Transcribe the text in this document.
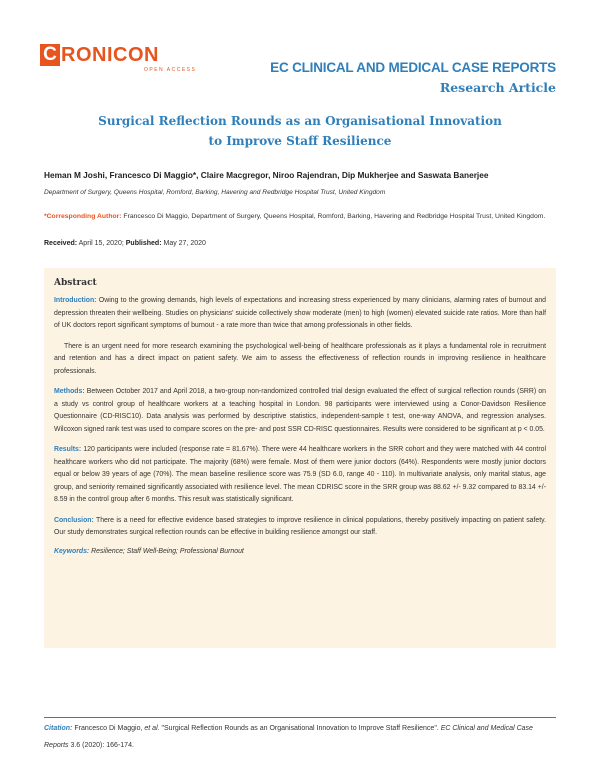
C RONICON
OPEN ACCESS	EC CLINICAL AND MEDICAL CASE REPORTS
Research Article
Surgical Reflection Rounds as an Organisational Innovation
to Improve Staff Resilience
Heman M Joshi, Francesco Di Maggio*, Claire Macgregor, Niroo Rajendran, Dip Mukherjee and Saswata Banerjee
Department of Surgery, Queens Hospital, Romford, Barking, Havering and Redbridge Hospital Trust, United Kingdom
*Corresponding Author: Francesco Di Maggio, Department of Surgery, Queens Hospital, Romford, Barking, Havering and Redbridge Hospital Trust, United Kingdom.
Received: April 15, 2020; Published: May 27, 2020
Abstract

Introduction: Owing to the growing demands, high levels of expectations and increasing stress experienced by many clinicians, alarming rates of burnout and depression threaten their wellbeing. Studies on physicians' suicide collectively show moderate (men) to high (women) elevated suicide rate ratios. More than half of UK doctors report significant symptoms of burnout - a rate more than twice that among professionals in other fields.

There is an urgent need for more research examining the psychological well-being of healthcare professionals as it plays a fundamental role in recruitment and retention and has a direct impact on patient safety. We aim to assess the effectiveness of reflection rounds in improving resilience in healthcare professionals.

Methods: Between October 2017 and April 2018, a two-group non-randomized controlled trial design evaluated the effect of surgical reflection rounds (SRR) on a study vs control group of healthcare workers at a teaching hospital in London. 98 participants were interviewed using a Conor-Davidson Resilience Questionnaire (CD-RISC10). Data analysis was performed by descriptive statistics, independent-sample t test, one-way ANOVA, and regression analyses. Wilcoxon signed rank test was used to compare scores on the pre- and post SSR CD-RISC questionnaires. Results were considered to be significant at p < 0.05.

Results: 120 participants were included (response rate = 81.67%). There were 44 healthcare workers in the SRR cohort and they were matched with 44 control healthcare workers who did not participate. The majority (68%) were female. Most of them were junior doctors (64%). Respondents were mostly junior doctors equal or below 39 years of age (70%). The mean baseline resilience score was 75.9 (SD 6.0, range 40 - 110). In multivariate analysis, only marital status, age group, and seniority remained significantly associated with resilience level. The mean CDRISC score in the SRR group was 88.62 +/- 9.32 compared to 83.14 +/- 8.59 in the control group after 6 months. This result was statistically significant.

Conclusion: There is a need for effective evidence based strategies to improve resilience in clinical populations, thereby positively impacting on patient safety. Our study demonstrates surgical reflection rounds can be effective in building resilience amongst our staff.

Keywords: Resilience; Staff Well-Being; Professional Burnout
Citation: Francesco Di Maggio, et al. "Surgical Reflection Rounds as an Organisational Innovation to Improve Staff Resilience". EC Clinical and Medical Case Reports 3.6 (2020): 166-174.
